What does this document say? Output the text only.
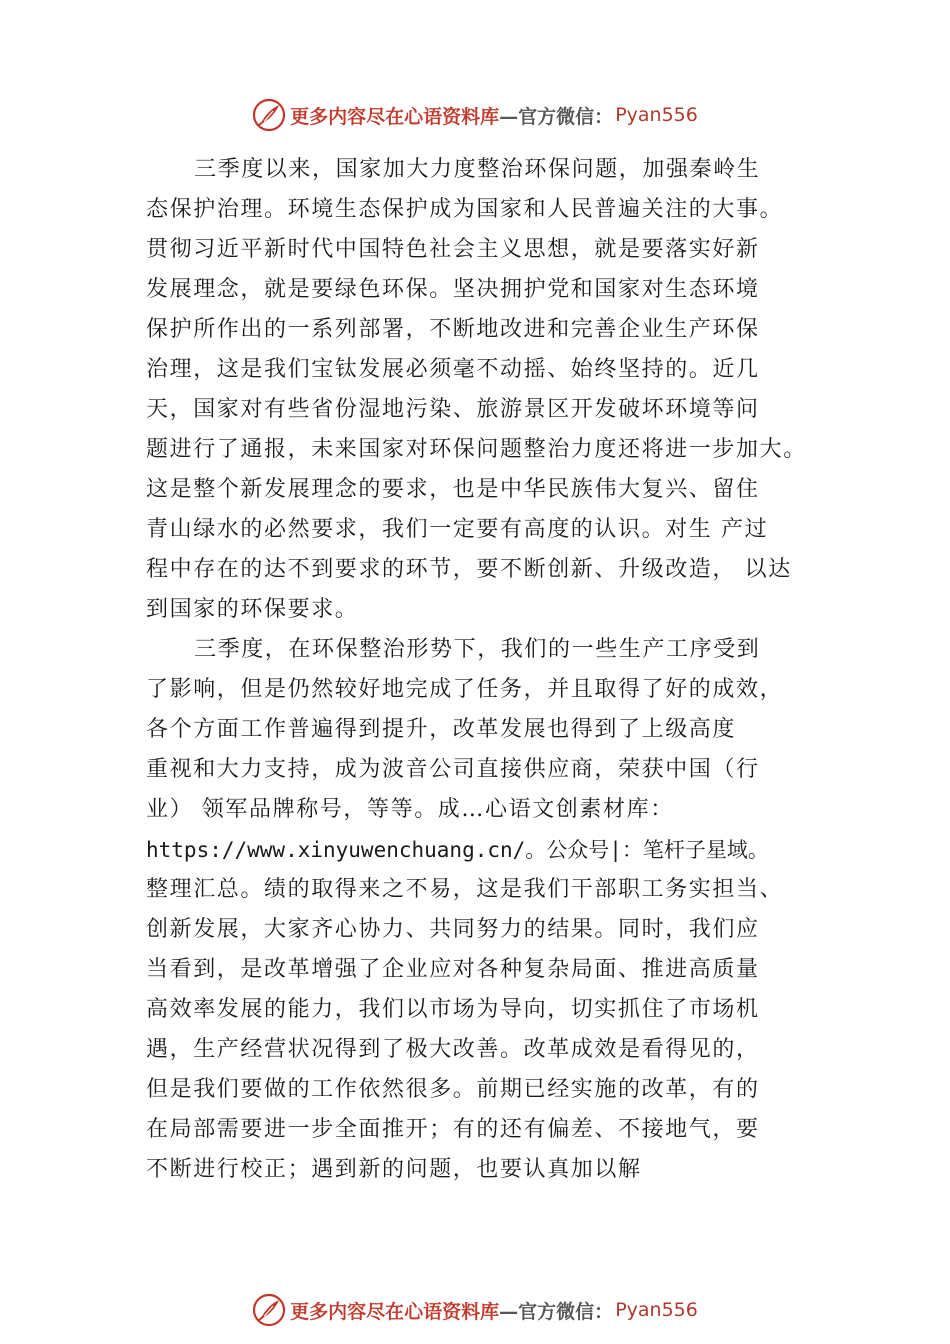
更多内容尽在心语资料库 —官方微信： Pyan556
三季度以来，国家加大力度整治环保问题，加强秦岭生
态保护治理。环境生态保护成为国家和人民普遍关注的大事。
贯彻习近平新时代中国特色社会主义思想，就是要落实好新
发展理念，就是要绿色环保。坚决拥护党和国家对生态环境
保护所作出的一系列部署，不断地改进和完善企业生产环保
治理，这是我们宝钛发展必须毫不动摇、始终坚持的。近几
天，国家对有些省份湿地污染、旅游景区开发破坏环境等问
题进行了通报，未来国家对环保问题整治力度还将进一步加大。
这是整个新发展理念的要求，也是中华民族伟大复兴、留住
青山绿水的必然要求，我们一定要有高度的认识。对生 产过
程中存在的达不到要求的环节，要不断创新、升级改造， 以达
到国家的环保要求。
三季度，在环保整治形势下，我们的一些生产工序受到
了影响，但是仍然较好地完成了任务，并且取得了好的成效，
各个方面工作普遍得到提升，改革发展也得到了上级高度
重视和大力支持，成为波音公司直接供应商，荣获中国（行
业） 领军品牌称号，等等。成…心语文创素材库：
https://www.xinyuwenchuang.cn/。公众号|：笔杆子星域。
整理汇总。绩的取得来之不易，这是我们干部职工务实担当、
创新发展，大家齐心协力、共同努力的结果。同时，我们应
当看到，是改革增强了企业应对各种复杂局面、推进高质量
高效率发展的能力，我们以市场为导向，切实抓住了市场机
遇，生产经营状况得到了极大改善。改革成效是看得见的，
但是我们要做的工作依然很多。前期已经实施的改革，有的
在局部需要进一步全面推开；有的还有偏差、不接地气，要
不断进行校正；遇到新的问题，也要认真加以解
更多内容尽在心语资料库 —官方微信： Pyan556
